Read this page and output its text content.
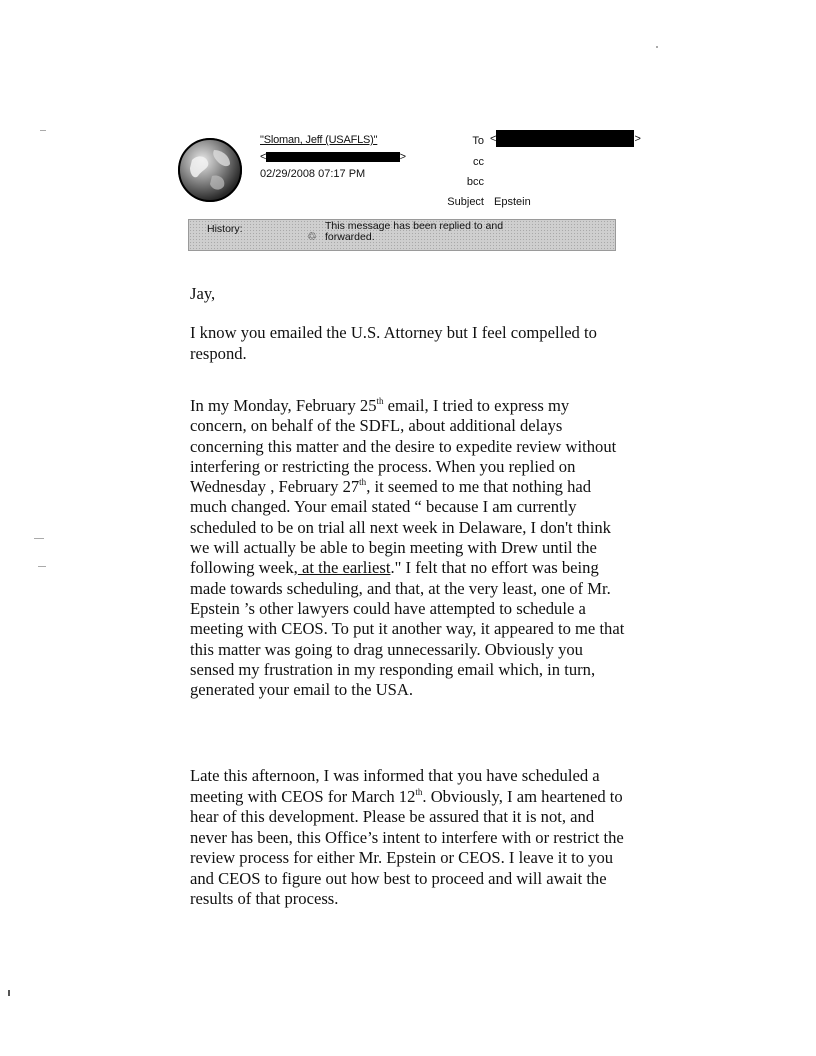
"Sloman, Jeff (USAFLS)"
<	>
02/29/2008 07:17 PM
To <	>
cc
bcc
Subject Epstein
History:
♲
This message has been replied to and forwarded.
Jay,

I know you emailed the U.S. Attorney but I feel compelled to respond.

In my Monday, February 25th email, I tried to express my concern, on behalf of the SDFL, about additional delays concerning this matter and the desire to expedite review without interfering or restricting the process. When you replied on Wednesday , February 27th, it seemed to me that nothing had much changed. Your email stated “ because I am currently scheduled to be on trial all next week in Delaware, I don't think we will actually be able to begin meeting with Drew until the following week, at the earliest." I felt that no effort was being made towards scheduling, and that, at the very least, one of Mr. Epstein ’s other lawyers could have attempted to schedule a meeting with CEOS. To put it another way, it appeared to me that this matter was going to drag unnecessarily. Obviously you sensed my frustration in my responding email which, in turn, generated your email to the USA.

Late this afternoon, I was informed that you have scheduled a meeting with CEOS for March 12th. Obviously, I am heartened to hear of this development. Please be assured that it is not, and never has been, this Office’s intent to interfere with or restrict the review process for either Mr. Epstein or CEOS. I leave it to you and CEOS to figure out how best to proceed and will await the results of that process.
